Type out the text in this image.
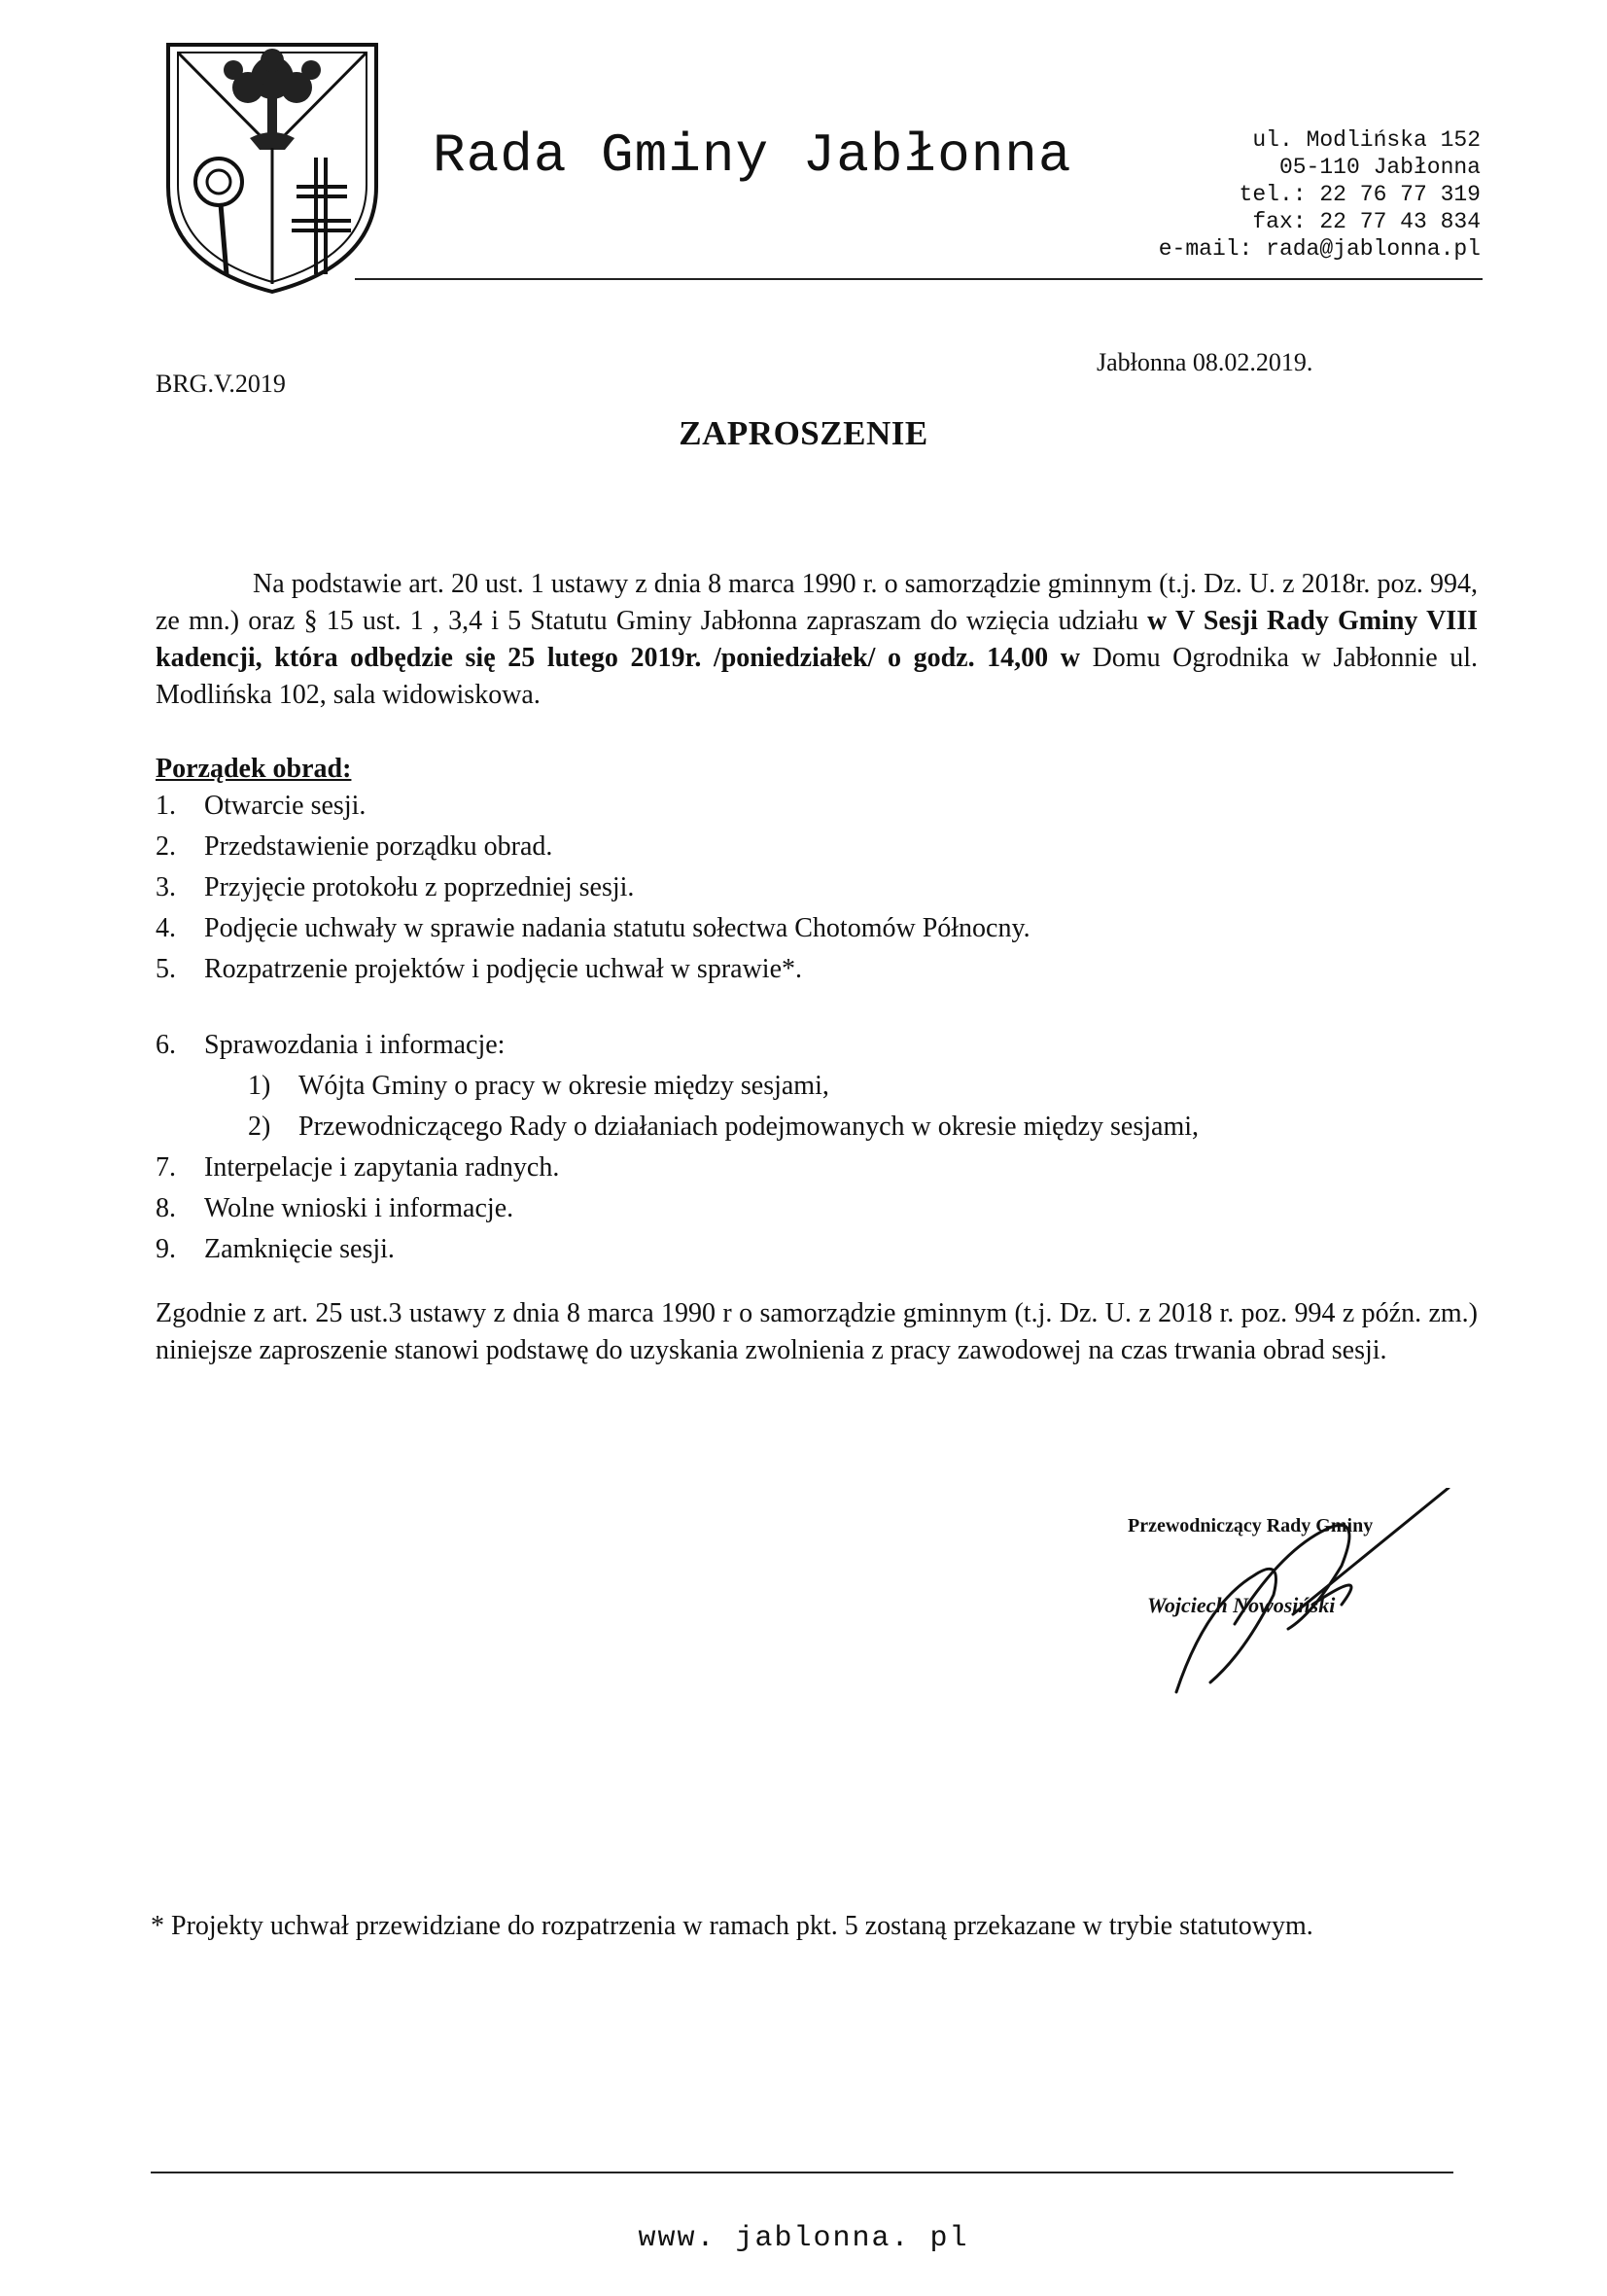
Rada Gminy Jabłonna	ul. Modlińska 152
05-110 Jabłonna
tel.: 22 76 77 319
fax: 22 77 43 834
e-mail: rada@jablonna.pl
BRG.V.2019
Jabłonna 08.02.2019.
ZAPROSZENIE
Na podstawie art. 20 ust. 1 ustawy z dnia 8 marca 1990 r. o samorządzie gminnym (t.j. Dz. U. z 2018r. poz. 994, ze mn.) oraz § 15 ust. 1 , 3,4 i 5 Statutu Gminy Jabłonna zapraszam do wzięcia udziału w V Sesji Rady Gminy VIII kadencji, która odbędzie się 25 lutego 2019r. /poniedziałek/ o godz. 14,00 w Domu Ogrodnika w Jabłonnie ul. Modlińska 102, sala widowiskowa.
Porządek obrad:
1.	Otwarcie sesji.
2.	Przedstawienie porządku obrad.
3.	Przyjęcie protokołu z poprzedniej sesji.
4.	Podjęcie uchwały w sprawie nadania statutu sołectwa Chotomów Północny.
5.	Rozpatrzenie projektów i podjęcie uchwał w sprawie*.
6.	Sprawozdania i informacje:
1)	Wójta Gminy o pracy w okresie między sesjami,
2)	Przewodniczącego Rady o działaniach podejmowanych w okresie między sesjami,
7.	Interpelacje i zapytania radnych.
8.	Wolne wnioski i informacje.
9.	Zamknięcie sesji.
Zgodnie z art. 25 ust.3 ustawy z dnia 8 marca 1990 r o samorządzie gminnym (t.j. Dz. U. z 2018 r. poz. 994 z późn. zm.) niniejsze zaproszenie stanowi podstawę do uzyskania zwolnienia z pracy zawodowej na czas trwania obrad sesji.
Przewodniczący Rady Gminy
Wojciech Nowosiński
* Projekty uchwał przewidziane do rozpatrzenia w ramach pkt. 5 zostaną przekazane w trybie statutowym.
www. jablonna. pl
